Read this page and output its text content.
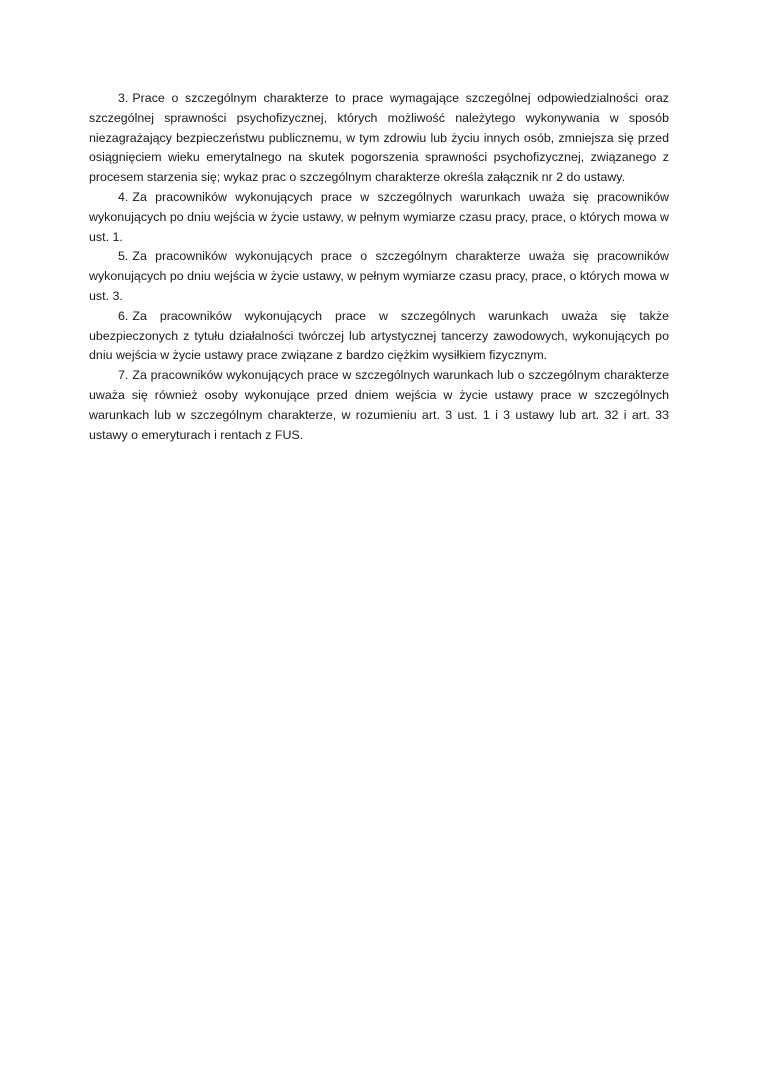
3. Prace o szczególnym charakterze to prace wymagające szczególnej odpowiedzialności oraz szczególnej sprawności psychofizycznej, których możliwość należytego wykonywania w sposób niezagrażający bezpieczeństwu publicznemu, w tym zdrowiu lub życiu innych osób, zmniejsza się przed osiągnięciem wieku emerytalnego na skutek pogorszenia sprawności psychofizycznej, związanego z procesem starzenia się; wykaz prac o szczególnym charakterze określa załącznik nr 2 do ustawy.

4. Za pracowników wykonujących prace w szczególnych warunkach uważa się pracowników wykonujących po dniu wejścia w życie ustawy, w pełnym wymiarze czasu pracy, prace, o których mowa w ust. 1.

5. Za pracowników wykonujących prace o szczególnym charakterze uważa się pracowników wykonujących po dniu wejścia w życie ustawy, w pełnym wymiarze czasu pracy, prace, o których mowa w ust. 3.

6. Za pracowników wykonujących prace w szczególnych warunkach uważa się także ubezpieczonych z tytułu działalności twórczej lub artystycznej tancerzy zawodowych, wykonujących po dniu wejścia w życie ustawy prace związane z bardzo ciężkim wysiłkiem fizycznym.

7. Za pracowników wykonujących prace w szczególnych warunkach lub o szczególnym charakterze uważa się również osoby wykonujące przed dniem wejścia w życie ustawy prace w szczególnych warunkach lub w szczególnym charakterze, w rozumieniu art. 3 ust. 1 i 3 ustawy lub art. 32 i art. 33 ustawy o emeryturach i rentach z FUS.
